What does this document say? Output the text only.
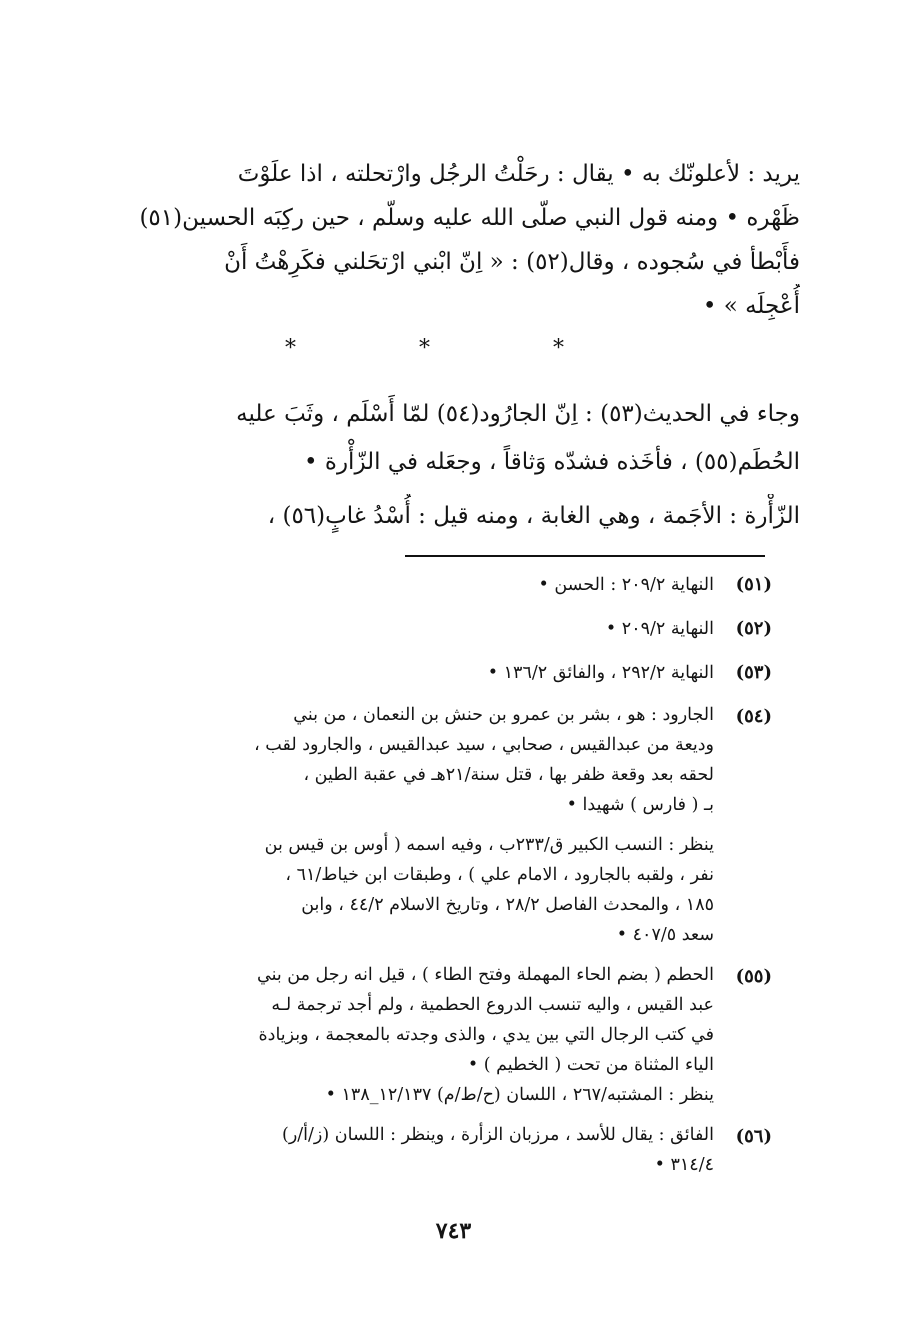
يريد : لأعلونّك به • يقال : رحَلْتُ الرجُل وارْتحلته ، اذا علَوْتَ
ظَهْره • ومنه قول النبي صلّى الله عليه وسلّم ، حين ركِبَه الحسين(٥١)
فأَبْطأ في سُجوده ، وقال(٥٢) : « اِنّ ابْني ارْتحَلني فكَرِهْتُ أَنْ
أُعْجِلَه » •
* * *
وجاء في الحديث(٥٣) : اِنّ الجارُود(٥٤) لمّا أَسْلَم ، وثَبَ عليه
الحُطَم(٥٥) ، فأخَذه فشدّه وَثاقاً ، وجعَله في الزّأْرة •
الزّأْرة : الأجَمة ، وهي الغابة ، ومنه قيل : أُسْدُ غابٍ(٥٦) ،
(٥١)
النهاية ٢٠٩/٢ : الحسن •
(٥٢)
النهاية ٢٠٩/٢ •
(٥٣)
النهاية ٢٩٢/٢ ، والفائق ١٣٦/٢ •
(٥٤)
الجارود : هو ، بشر بن عمرو بن حنش بن النعمان ، من بني
وديعة من عبدالقيس ، صحابي ، سيد عبدالقيس ، والجارود لقب ،
لحقه بعد وقعة ظفر بها ، قتل سنة/٢١هـ في عقبة الطين ،
بـ ( فارس ) شهيدا •
ينظر : النسب الكبير ق/٢٣٣ب ، وفيه اسمه ( أوس بن قيس بن
نفر ، ولقبه بالجارود ، الامام علي ) ، وطبقات ابن خياط/٦١ ،
١٨٥ ، والمحدث الفاصل ٢٨/٢ ، وتاريخ الاسلام ٤٤/٢ ، وابن
سعد ٤٠٧/٥ •
(٥٥)
الحطم ( بضم الحاء المهملة وفتح الطاء ) ، قيل انه رجل من بني
عبد القيس ، واليه تنسب الدروع الحطمية ، ولم أجد ترجمة لـه
في كتب الرجال التي بين يدي ، والذى وجدته بالمعجمة ، وبزيادة
الياء المثناة من تحت ( الخطيم ) •
ينظر : المشتبه/٢٦٧ ، اللسان (ح/ط/م) ١٢/١٣٧_١٣٨ •
(٥٦)
الفائق : يقال للأسد ، مرزبان الزأرة ، وينظر : اللسان (ز/أ/ر)
٣١٤/٤ •
٧٤٣
